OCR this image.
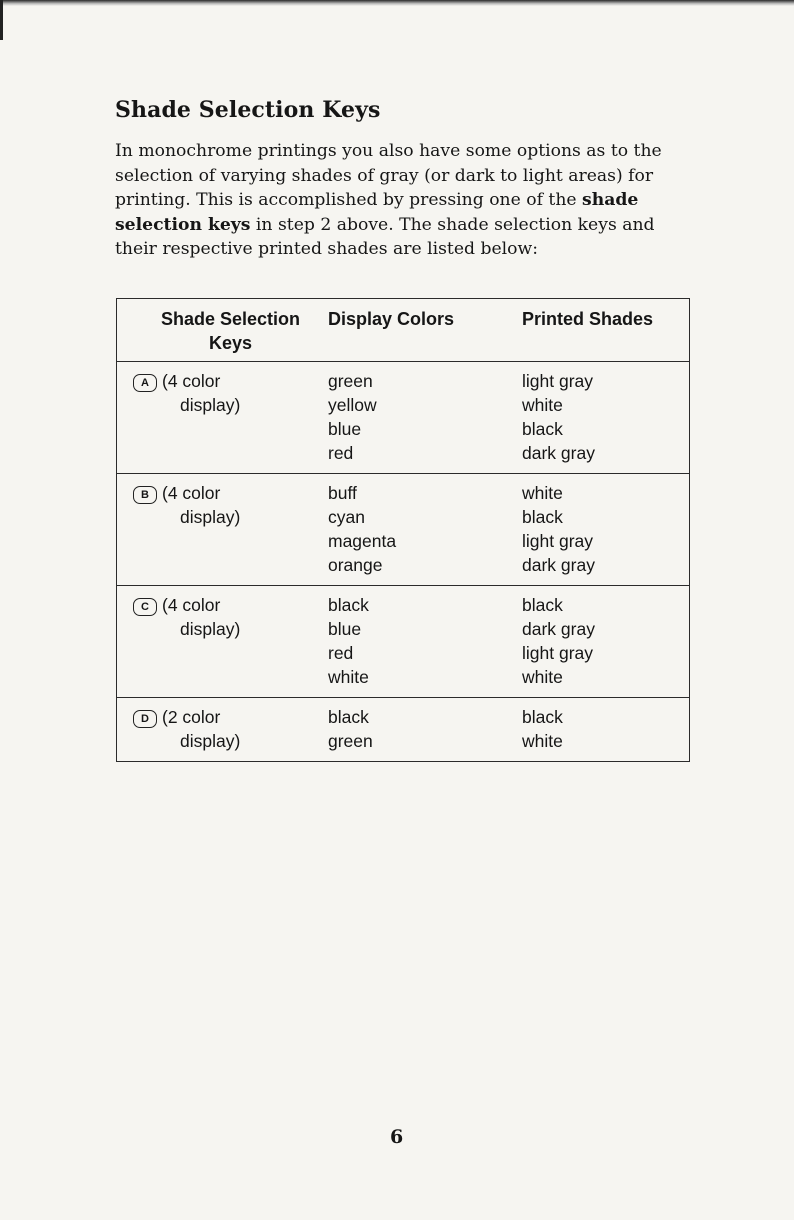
Shade Selection Keys

In monochrome printings you also have some options as to the selection of varying shades of gray (or dark to light areas) for printing. This is accomplished by pressing one of the shade selection keys in step 2 above. The shade selection keys and their respective printed shades are listed below:

Shade Selection
Keys	Display Colors	Printed Shades
A (4 color
display)	green
yellow
blue
red	light gray
white
black
dark gray

B (4 color
display)	buff
cyan
magenta
orange	white
black
light gray
dark gray

C (4 color
display)	black
blue
red
white	black
dark gray
light gray
white

D (2 color
display)	black
green	black
white
6
